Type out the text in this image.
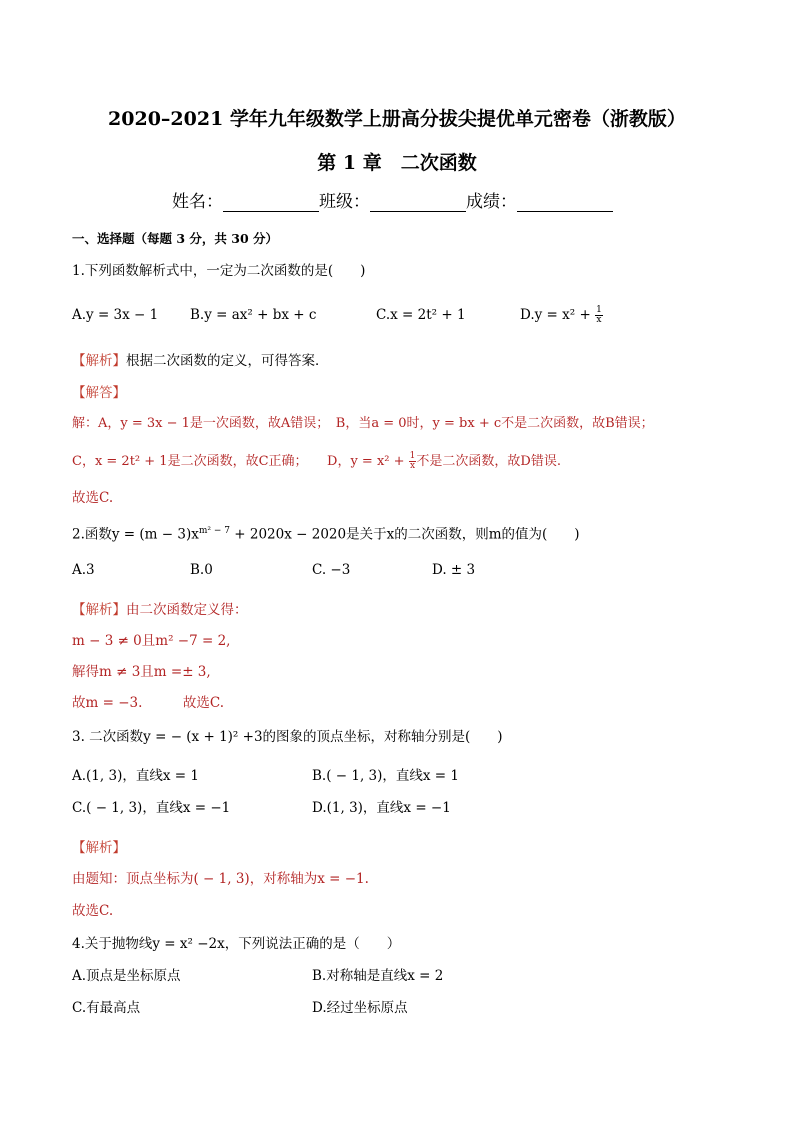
2020–2021 学年九年级数学上册高分拔尖提优单元密卷（浙教版）
第 1 章　二次函数
姓名：	班级：	成绩：
一、选择题（每题 3 分，共 30 分）
1.下列函数解析式中，一定为二次函数的是(　　)
A.y = 3x − 1 B.y = ax² + bx + c	C.x = 2t² + 1	$D.y = x^2 + \frac{1}{x}$
【解析】根据二次函数的定义，可得答案．
【解答】
解：A，y = 3x − 1是一次函数，故A错误；　B，当a = 0时，y = bx + c不是二次函数，故B错误；
C，x = 2t² + 1是二次函数，故C正确；　　D，$y = x^2 + \frac{1}{x}$ 不是二次函数，故D错误.
故选C.
2.函数$y = (m - 3)x^{m^2 - 7} + 2020x - 2020$是关于x的二次函数，则m的值为(　　)
A.3	B.0	C. −3	D. ± 3
【解析】由二次函数定义得：
m − 3 ≠ 0且m² −7 = 2,
解得m ≠ 3且m =± 3,
故m = −3.　　　故选C.
3. 二次函数y = − (x + 1)² +3的图象的顶点坐标，对称轴分别是(　　)
A.(1, 3)，直线x = 1	B.( − 1, 3)，直线x = 1
C.( − 1, 3)，直线x = −1	D.(1, 3)，直线x = −1
【解析】
由题知：顶点坐标为( − 1, 3)，对称轴为x = −1.
故选C.
4.关于抛物线y = x² −2x，下列说法正确的是（　　）
A.顶点是坐标原点	B.对称轴是直线x = 2
C.有最高点	D.经过坐标原点
